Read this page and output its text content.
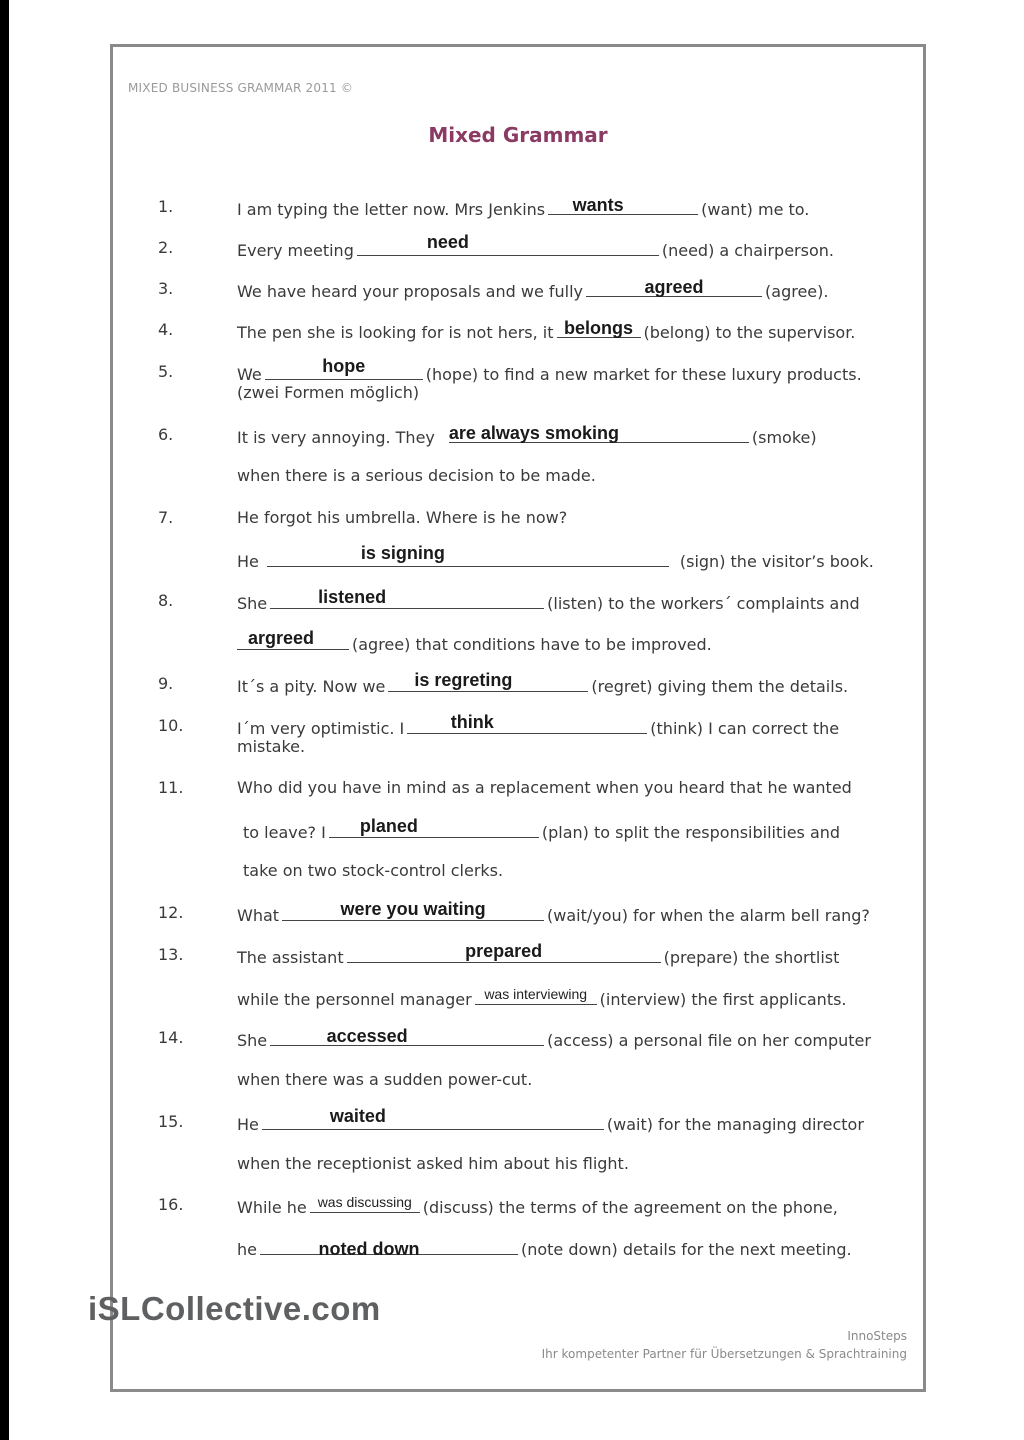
MIXED BUSINESS GRAMMAR 2011 ©
Mixed Grammar
1.	I am typing the letter now. Mrs Jenkins	wants	(want) me to.
2.	Every meeting	need	(need) a chairperson.
3.	We have heard your proposals and we fully	agreed	(agree).
4.	The pen she is looking for is not hers, it belongs (belong) to the supervisor.
5.	We	hope	(hope) to find a new market for these luxury products.
(zwei Formen möglich)
6.	It is very annoying. They are always smoking	(smoke)
when there is a serious decision to be made.
7.	He forgot his umbrella. Where is he now?
He	is signing	(sign) the visitor’s book.
8.	She	listened	(listen) to the workers´ complaints and
argreed	(agree) that conditions have to be improved.
9.	It´s a pity. Now we	is regreting	(regret) giving them the details.
10.	I´m very optimistic. I	think	(think) I can correct the
mistake.
11.	Who did you have in mind as a replacement when you heard that he wanted
to leave? I	planed	(plan) to split the responsibilities and
take on two stock-control clerks.
12.	What	were you waiting	(wait/you) for when the alarm bell rang?
13.	The assistant	prepared	(prepare) the shortlist
while the personnel manager was interviewing (interview) the first applicants.
14.	She	accessed	(access) a personal file on her computer
when there was a sudden power-cut.
15.	He	waited	(wait) for the managing director
when the receptionist asked him about his flight.
16.	While he was discussing (discuss) the terms of the agreement on the phone,
he	noted down	(note down) details for the next meeting.
InnoSteps
Ihr kompetenter Partner für Übersetzungen & Sprachtraining
iSLCollective.com
